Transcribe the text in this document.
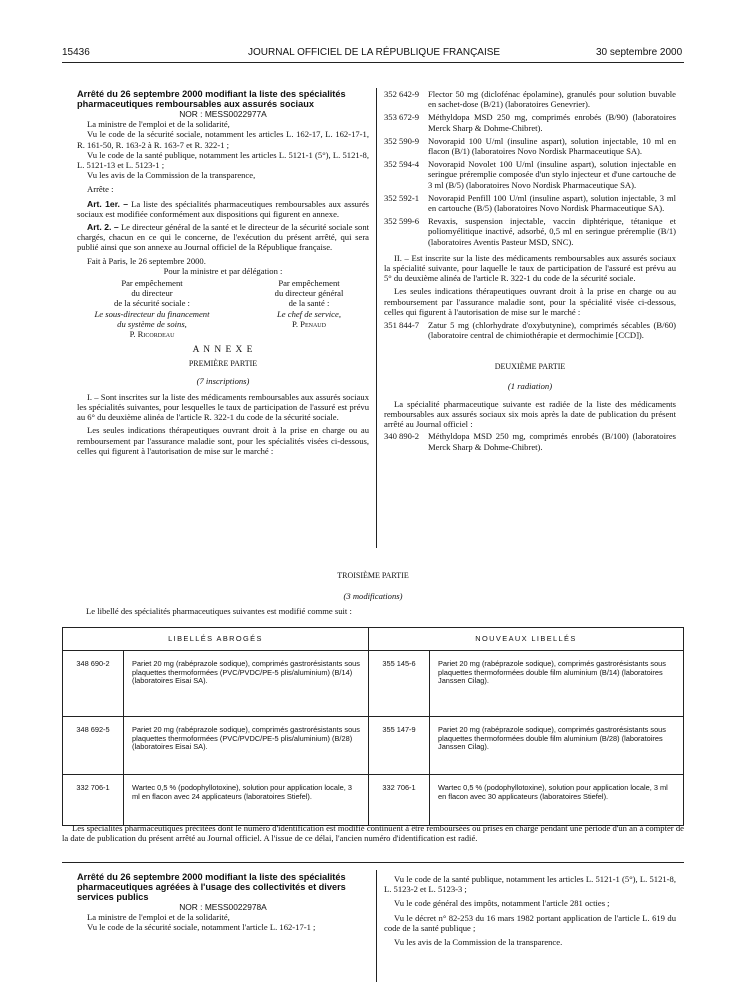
15436	JOURNAL OFFICIEL DE LA RÉPUBLIQUE FRANÇAISE	30 septembre 2000

Arrêté du 26 septembre 2000 modifiant la liste des spécialités pharmaceutiques remboursables aux assurés sociaux

NOR : MESS0022977A

La ministre de l'emploi et de la solidarité,

Vu le code de la sécurité sociale, notamment les articles L. 162-17, L. 162-17-1, R. 161-50, R. 163-2 à R. 163-7 et R. 322-1 ;

Vu le code de la santé publique, notamment les articles L. 5121-1 (5°), L. 5121-8, L. 5121-13 et L. 5123-1 ;

Vu les avis de la Commission de la transparence,

Arrête :

Art. 1er. – La liste des spécialités pharmaceutiques remboursables aux assurés sociaux est modifiée conformément aux dispositions qui figurent en annexe.

Art. 2. – Le directeur général de la santé et le directeur de la sécurité sociale sont chargés, chacun en ce qui le concerne, de l'exécution du présent arrêté, qui sera publié ainsi que son annexe au Journal officiel de la République française.

Fait à Paris, le 26 septembre 2000.

Pour la ministre et par délégation :

Par empêchement

du directeur

de la sécurité sociale :

Le sous-directeur du financement

du système de soins,

P. Ricordeau

Par empêchement

du directeur général

de la santé :

Le chef de service,

P. Penaud

A N N E X E

PREMIÈRE PARTIE

(7 inscriptions)

I. – Sont inscrites sur la liste des médicaments remboursables aux assurés sociaux les spécialités suivantes, pour lesquelles le taux de participation de l'assuré est prévu au 6° du deuxième alinéa de l'article R. 322-1 du code de la sécurité sociale.

Les seules indications thérapeutiques ouvrant droit à la prise en charge ou au remboursement par l'assurance maladie sont, pour les spécialités visées ci-dessous, celles qui figurent à l'autorisation de mise sur le marché :

352 642-9	Flector 50 mg (diclofénac épolamine), granulés pour solution buvable en sachet-dose (B/21) (laboratoires Genevrier).
353 672-9	Méthyldopa MSD 250 mg, comprimés enrobés (B/90) (laboratoires Merck Sharp & Dohme-Chibret).
352 590-9	Novorapid 100 U/ml (insuline aspart), solution injectable, 10 ml en flacon (B/1) (laboratoires Novo Nordisk Pharmaceutique SA).
352 594-4	Novorapid Novolet 100 U/ml (insuline aspart), solution injectable en seringue préremplie composée d'un stylo injecteur et d'une cartouche de 3 ml (B/5) (laboratoires Novo Nordisk Pharmaceutique SA).
352 592-1	Novorapid Penfill 100 U/ml (insuline aspart), solution injectable, 3 ml en cartouche (B/5) (laboratoires Novo Nordisk Pharmaceutique SA).
352 599-6	Revaxis, suspension injectable, vaccin diphtérique, tétanique et poliomyélitique inactivé, adsorbé, 0,5 ml en seringue préremplie (B/1) (laboratoires Aventis Pasteur MSD, SNC).

II. – Est inscrite sur la liste des médicaments remboursables aux assurés sociaux la spécialité suivante, pour laquelle le taux de participation de l'assuré est prévu au 5° du deuxième alinéa de l'article R. 322-1 du code de la sécurité sociale.

Les seules indications thérapeutiques ouvrant droit à la prise en charge ou au remboursement par l'assurance maladie sont, pour la spécialité visée ci-dessous, celles qui figurent à l'autorisation de mise sur le marché :

351 844-7	Zatur 5 mg (chlorhydrate d'oxybutynine), comprimés sécables (B/60) (laboratoire central de chimiothérapie et dermochimie [CCD]).

DEUXIÈME PARTIE

(1 radiation)

La spécialité pharmaceutique suivante est radiée de la liste des médicaments remboursables aux assurés sociaux six mois après la date de publication du présent arrêté au Journal officiel :

340 890-2	Méthyldopa MSD 250 mg, comprimés enrobés (B/100) (laboratoires Merck Sharp & Dohme-Chibret).
TROISIÈME PARTIE
(3 modifications)
Le libellé des spécialités pharmaceutiques suivantes est modifié comme suit :
LIBELLÉS ABROGÉS		NOUVEAUX LIBELLÉS	
348 690-2	Pariet 20 mg (rabéprazole sodique), comprimés gastrorésistants sous plaquettes thermoformées (PVC/PVDC/PE-5 plis/aluminium) (B/14) (laboratoires Eisai SA).	355 145-6	Pariet 20 mg (rabéprazole sodique), comprimés gastrorésistants sous plaquettes thermoformées double film aluminium (B/14) (laboratoires Janssen Cilag).
348 692-5	Pariet 20 mg (rabéprazole sodique), comprimés gastrorésistants sous plaquettes thermoformées (PVC/PVDC/PE-5 plis/aluminium) (B/28) (laboratoires Eisai SA).	355 147-9	Pariet 20 mg (rabéprazole sodique), comprimés gastrorésistants sous plaquettes thermoformées double film aluminium (B/28) (laboratoires Janssen Cilag).
332 706-1	Wartec 0,5 % (podophyllotoxine), solution pour application locale, 3 ml en flacon avec 24 applicateurs (laboratoires Stiefel).	332 706-1	Wartec 0,5 % (podophyllotoxine), solution pour application locale, 3 ml en flacon avec 30 applicateurs (laboratoires Stiefel).
Les spécialités pharmaceutiques précitées dont le numéro d'identification est modifié continuent à être remboursées ou prises en charge pendant une période d'un an à compter de la date de publication du présent arrêté au Journal officiel. A l'issue de ce délai, l'ancien numéro d'identification est radié.

Arrêté du 26 septembre 2000 modifiant la liste des spécialités pharmaceutiques agréées à l'usage des collectivités et divers services publics

NOR : MESS0022978A

La ministre de l'emploi et de la solidarité,

Vu le code de la sécurité sociale, notamment l'article L. 162-17-1 ;

Vu le code de la santé publique, notamment les articles L. 5121-1 (5°), L. 5121-8, L. 5123-2 et L. 5123-3 ;

Vu le code général des impôts, notamment l'article 281 octies ;

Vu le décret n° 82-253 du 16 mars 1982 portant application de l'article L. 619 du code de la santé publique ;

Vu les avis de la Commission de la transparence.
